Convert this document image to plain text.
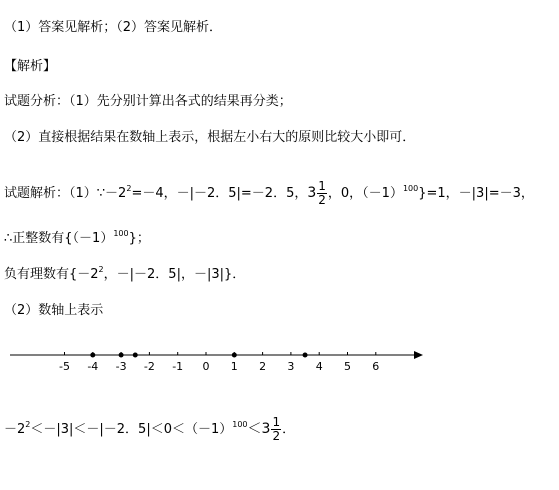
（1）答案见解析；（2）答案见解析．
【解析】
试题分析：（1）先分别计算出各式的结果再分类；
（2）直接根据结果在数轴上表示，根据左小右大的原则比较大小即可．
试题解析：$(1)\because-2^2=-4$，－|－2．5|=－2．5，$3 \frac{1}{2}$ ，0，$(-1)^{100}\}=1$，－|3|=－3，
∴正整数有$\{(-1)^{100}\}$；
负有理数有{$-2^2$，－|－2．5|，－|3|}．
（2）数轴上表示
-5 -4 -3 -2 -1 0 1 2 3 4 5 6
$-2^2<-|3|<-|-2$．$5|<0<(-1)^{100}<3 \frac{1}{2}$ ．
